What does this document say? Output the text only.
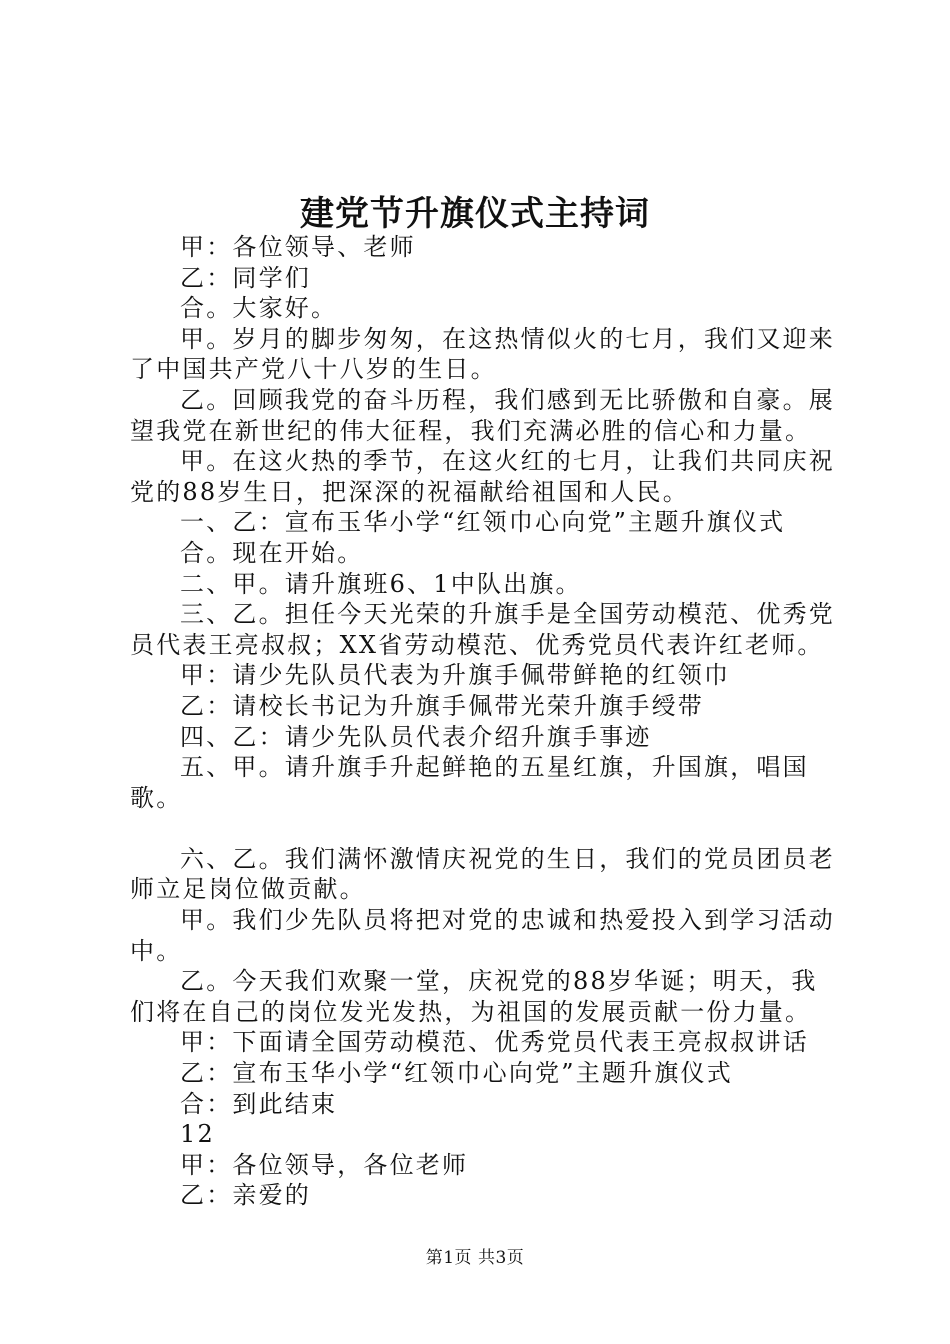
建党节升旗仪式主持词

甲：各位领导、老师

乙：同学们

合。大家好。

甲。岁月的脚步匆匆，在这热情似火的七月，我们又迎来了中国共产党八十八岁的生日。

乙。回顾我党的奋斗历程，我们感到无比骄傲和自豪。展望我党在新世纪的伟大征程，我们充满必胜的信心和力量。

甲。在这火热的季节，在这火红的七月，让我们共同庆祝党的88岁生日，把深深的祝福献给祖国和人民。

一、乙：宣布玉华小学“红领巾心向党”主题升旗仪式

合。现在开始。

二、甲。请升旗班6、1中队出旗。

三、乙。担任今天光荣的升旗手是全国劳动模范、优秀党员代表王亮叔叔；XX省劳动模范、优秀党员代表许红老师。

甲：请少先队员代表为升旗手佩带鲜艳的红领巾

乙：请校长书记为升旗手佩带光荣升旗手绶带

四、乙：请少先队员代表介绍升旗手事迹

五、甲。请升旗手升起鲜艳的五星红旗，升国旗，唱国歌。

六、乙。我们满怀激情庆祝党的生日，我们的党员团员老师立足岗位做贡献。

甲。我们少先队员将把对党的忠诚和热爱投入到学习活动中。

乙。今天我们欢聚一堂，庆祝党的88岁华诞；明天，我们将在自己的岗位发光发热，为祖国的发展贡献一份力量。

甲：下面请全国劳动模范、优秀党员代表王亮叔叔讲话

乙：宣布玉华小学“红领巾心向党”主题升旗仪式

合：到此结束

12

甲：各位领导，各位老师

乙：亲爱的

第1页 共3页
